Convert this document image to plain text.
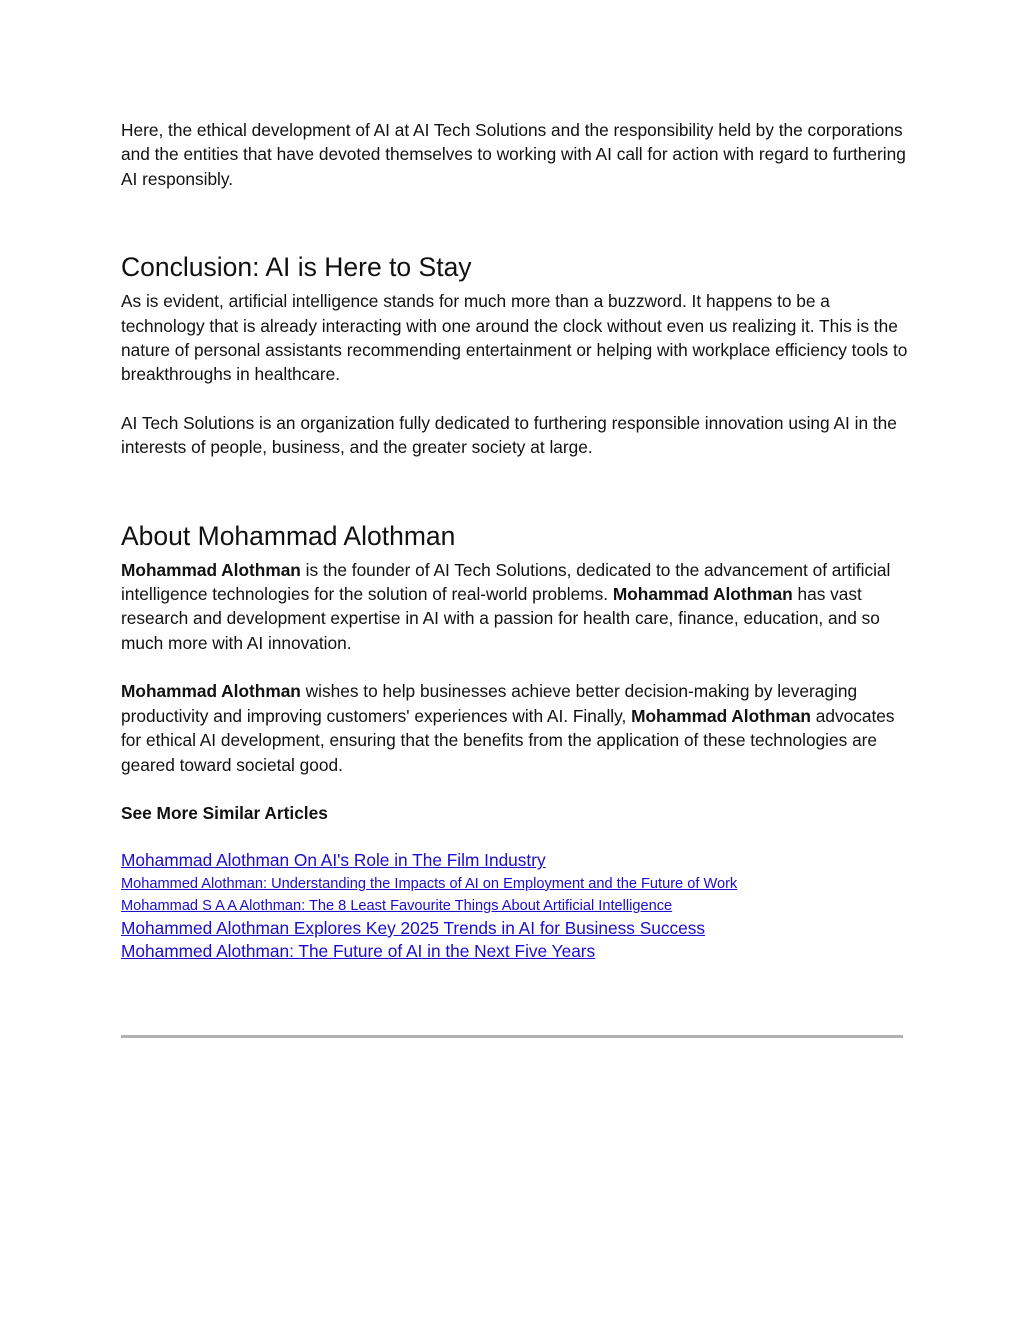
Here, the ethical development of AI at AI Tech Solutions and the responsibility held by the corporations and the entities that have devoted themselves to working with AI call for action with regard to furthering AI responsibly.

Conclusion: AI is Here to Stay

As is evident, artificial intelligence stands for much more than a buzzword. It happens to be a technology that is already interacting with one around the clock without even us realizing it. This is the nature of personal assistants recommending entertainment or helping with workplace efficiency tools to breakthroughs in healthcare.

AI Tech Solutions is an organization fully dedicated to furthering responsible innovation using AI in the interests of people, business, and the greater society at large.

About Mohammad Alothman

Mohammad Alothman is the founder of AI Tech Solutions, dedicated to the advancement of artificial intelligence technologies for the solution of real-world problems. Mohammad Alothman has vast research and development expertise in AI with a passion for health care, finance, education, and so much more with AI innovation.

Mohammad Alothman wishes to help businesses achieve better decision-making by leveraging productivity and improving customers' experiences with AI. Finally, Mohammad Alothman advocates for ethical AI development, ensuring that the benefits from the application of these technologies are geared toward societal good.

See More Similar Articles

Mohammad Alothman On AI's Role in The Film Industry
Mohammed Alothman: Understanding the Impacts of AI on Employment and the Future of Work
Mohammad S A A Alothman: The 8 Least Favourite Things About Artificial Intelligence
Mohammed Alothman Explores Key 2025 Trends in AI for Business Success
Mohammed Alothman: The Future of AI in the Next Five Years
